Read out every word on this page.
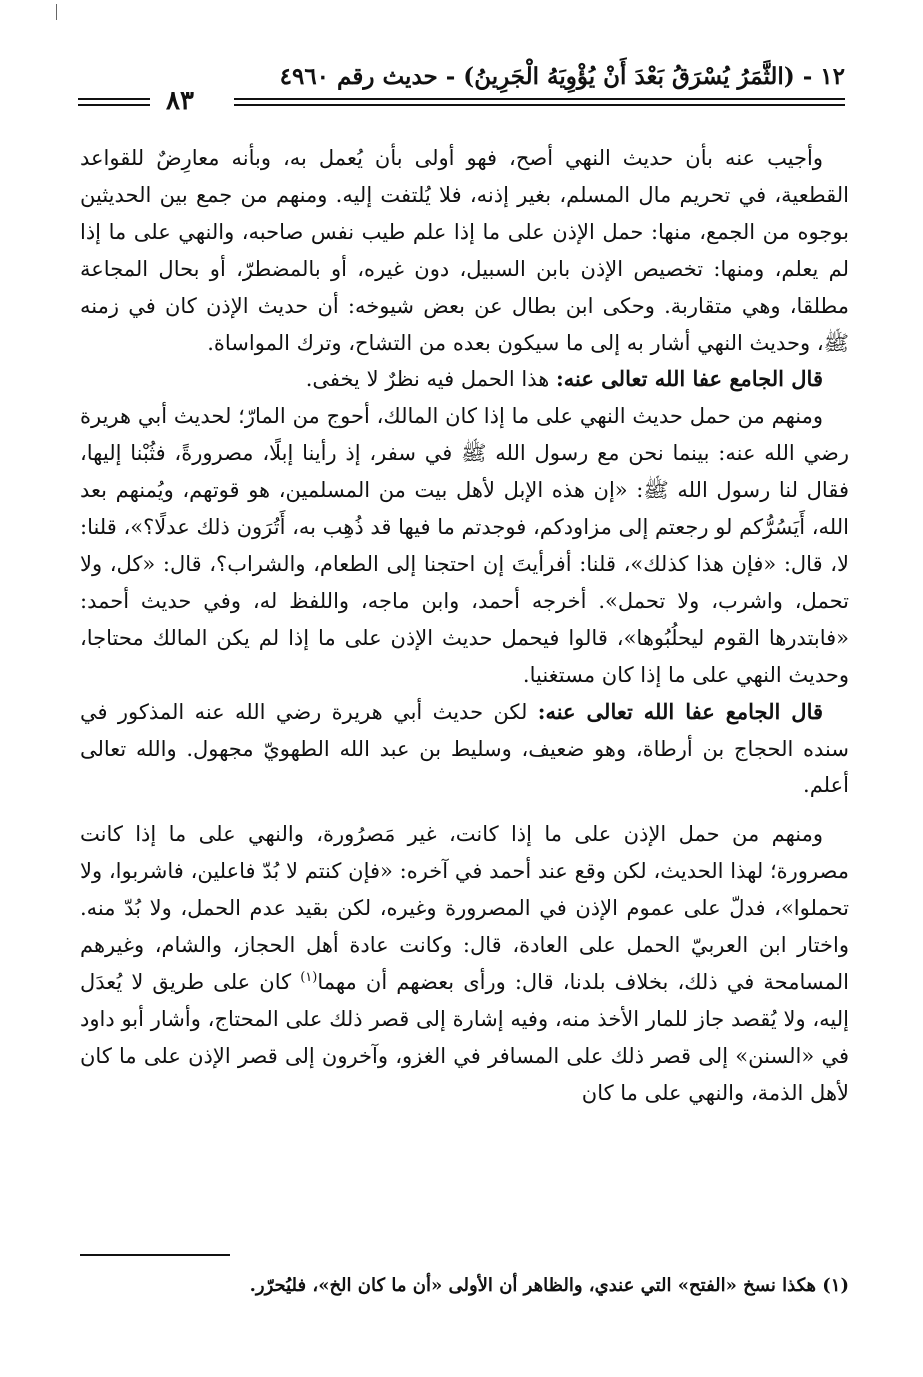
١٢ - (الثَّمَرُ يُسْرَقُ بَعْدَ أَنْ يُؤْوِيَهُ الْجَرِينُ) - حديث رقم ٤٩٦٠
٨٣

وأجيب عنه بأن حديث النهي أصح، فهو أولى بأن يُعمل به، وبأنه معارِضٌ للقواعد القطعية، في تحريم مال المسلم، بغير إذنه، فلا يُلتفت إليه. ومنهم من جمع بين الحديثين بوجوه من الجمع، منها: حمل الإذن على ما إذا علم طيب نفس صاحبه، والنهي على ما إذا لم يعلم، ومنها: تخصيص الإذن بابن السبيل، دون غيره، أو بالمضطرّ، أو بحال المجاعة مطلقا، وهي متقاربة. وحكى ابن بطال عن بعض شيوخه: أن حديث الإذن كان في زمنه ﷺ، وحديث النهي أشار به إلى ما سيكون بعده من التشاح، وترك المواساة.

قال الجامع عفا الله تعالى عنه: هذا الحمل فيه نظرٌ لا يخفى.

ومنهم من حمل حديث النهي على ما إذا كان المالك، أحوج من المارّ؛ لحديث أبي هريرة رضي الله عنه: بينما نحن مع رسول الله ﷺ في سفر، إذ رأينا إبلًا، مصرورةً، فثُبْنا إليها، فقال لنا رسول الله ﷺ: «إن هذه الإبل لأهل بيت من المسلمين، هو قوتهم، ويُمنهم بعد الله، أَيَسُرُّكم لو رجعتم إلى مزاودكم، فوجدتم ما فيها قد ذُهِب به، أَتُرَون ذلك عدلًا؟»، قلنا: لا، قال: «فإن هذا كذلك»، قلنا: أفرأيتَ إن احتجنا إلى الطعام، والشراب؟، قال: «كل، ولا تحمل، واشرب، ولا تحمل». أخرجه أحمد، وابن ماجه، واللفظ له، وفي حديث أحمد: «فابتدرها القوم ليحلُبُوها»، قالوا فيحمل حديث الإذن على ما إذا لم يكن المالك محتاجا، وحديث النهي على ما إذا كان مستغنيا.

قال الجامع عفا الله تعالى عنه: لكن حديث أبي هريرة رضي الله عنه المذكور في سنده الحجاج بن أرطاة، وهو ضعيف، وسليط بن عبد الله الطهويّ مجهول. والله تعالى أعلم.

ومنهم من حمل الإذن على ما إذا كانت، غير مَصرُورة، والنهي على ما إذا كانت مصرورة؛ لهذا الحديث، لكن وقع عند أحمد في آخره: «فإن كنتم لا بُدّ فاعلين، فاشربوا، ولا تحملوا»، فدلّ على عموم الإذن في المصرورة وغيره، لكن بقيد عدم الحمل، ولا بُدّ منه. واختار ابن العربيّ الحمل على العادة، قال: وكانت عادة أهل الحجاز، والشام، وغيرهم المسامحة في ذلك، بخلاف بلدنا، قال: ورأى بعضهم أن مهما$^{(١)}$ كان على طريق لا يُعدَل إليه، ولا يُقصد جاز للمار الأخذ منه، وفيه إشارة إلى قصر ذلك على المحتاج، وأشار أبو داود في «السنن» إلى قصر ذلك على المسافر في الغزو، وآخرون إلى قصر الإذن على ما كان لأهل الذمة، والنهي على ما كان

(١) هكذا نسخ «الفتح» التي عندي، والظاهر أن الأولى «أن ما كان الخ»، فليُحرّر.
